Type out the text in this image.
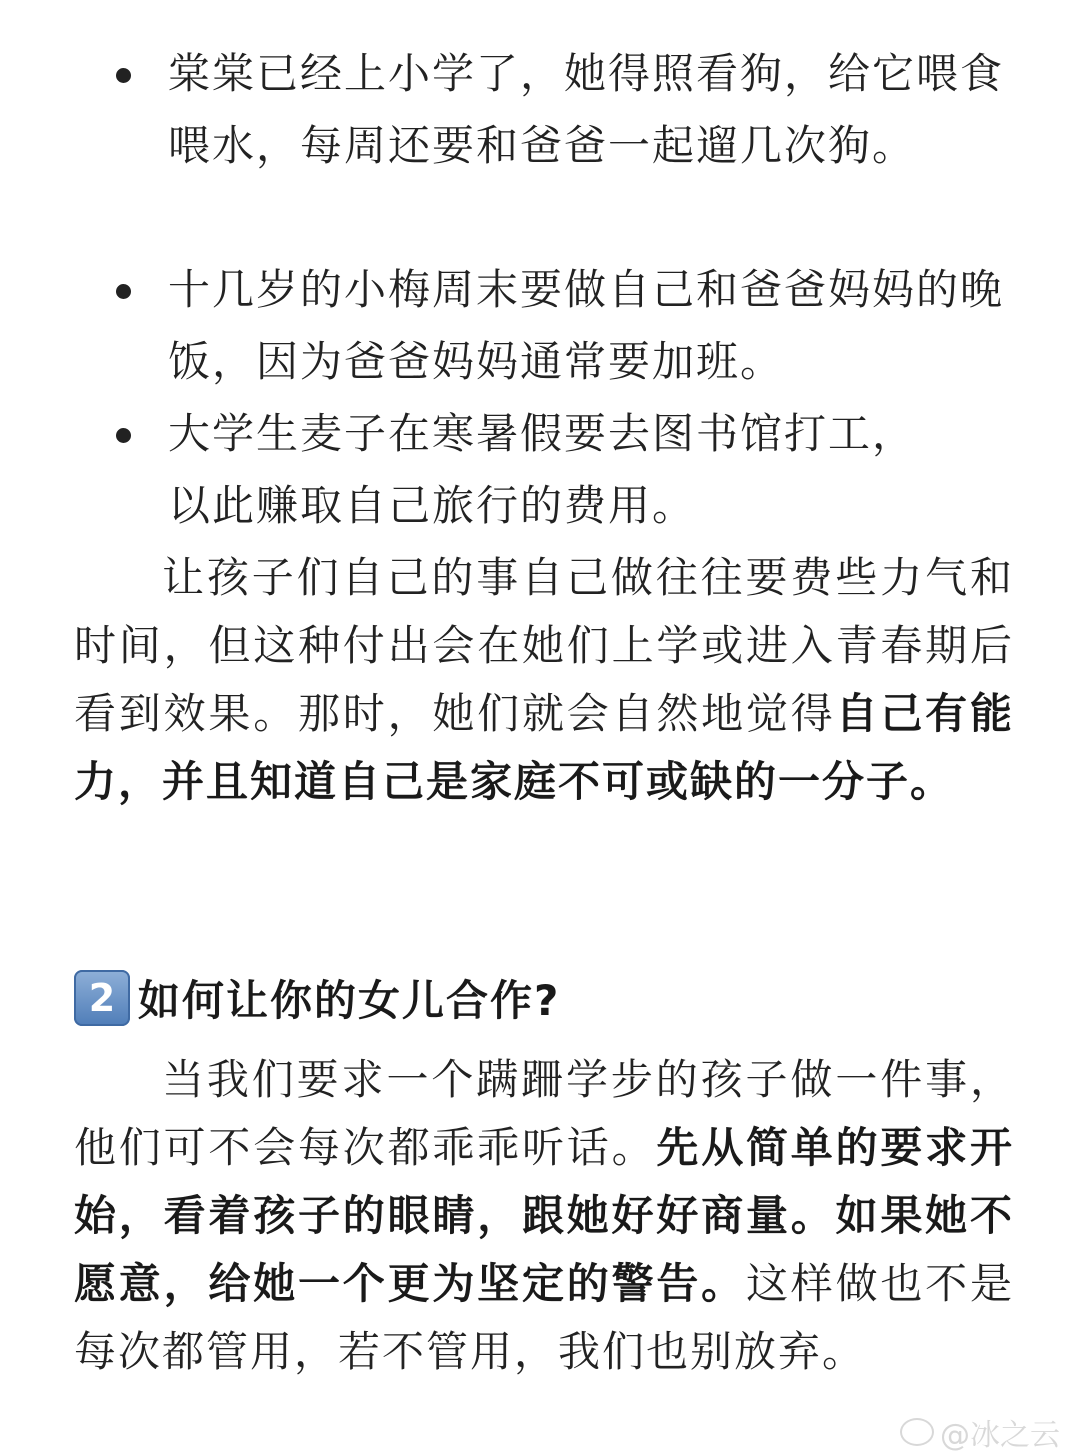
棠棠已经上小学了，她得照看狗，给它喂食喂水，每周还要和爸爸一起遛几次狗。
十几岁的小梅周末要做自己和爸爸妈妈的晚饭，因为爸爸妈妈通常要加班。
大学生麦子在寒暑假要去图书馆打工，以此赚取自己旅行的费用。

让孩子们自己的事自己做往往要费些力气和时间，但这种付出会在她们上学或进入青春期后看到效果。那时，她们就会自然地觉得自己有能力，并且知道自己是家庭不可或缺的一分子。

2 如何让你的女儿合作?

当我们要求一个蹒跚学步的孩子做一件事，他们可不会每次都乖乖听话。先从简单的要求开始，看着孩子的眼睛，跟她好好商量。如果她不愿意，给她一个更为坚定的警告。这样做也不是每次都管用，若不管用，我们也别放弃。

@冰之云
